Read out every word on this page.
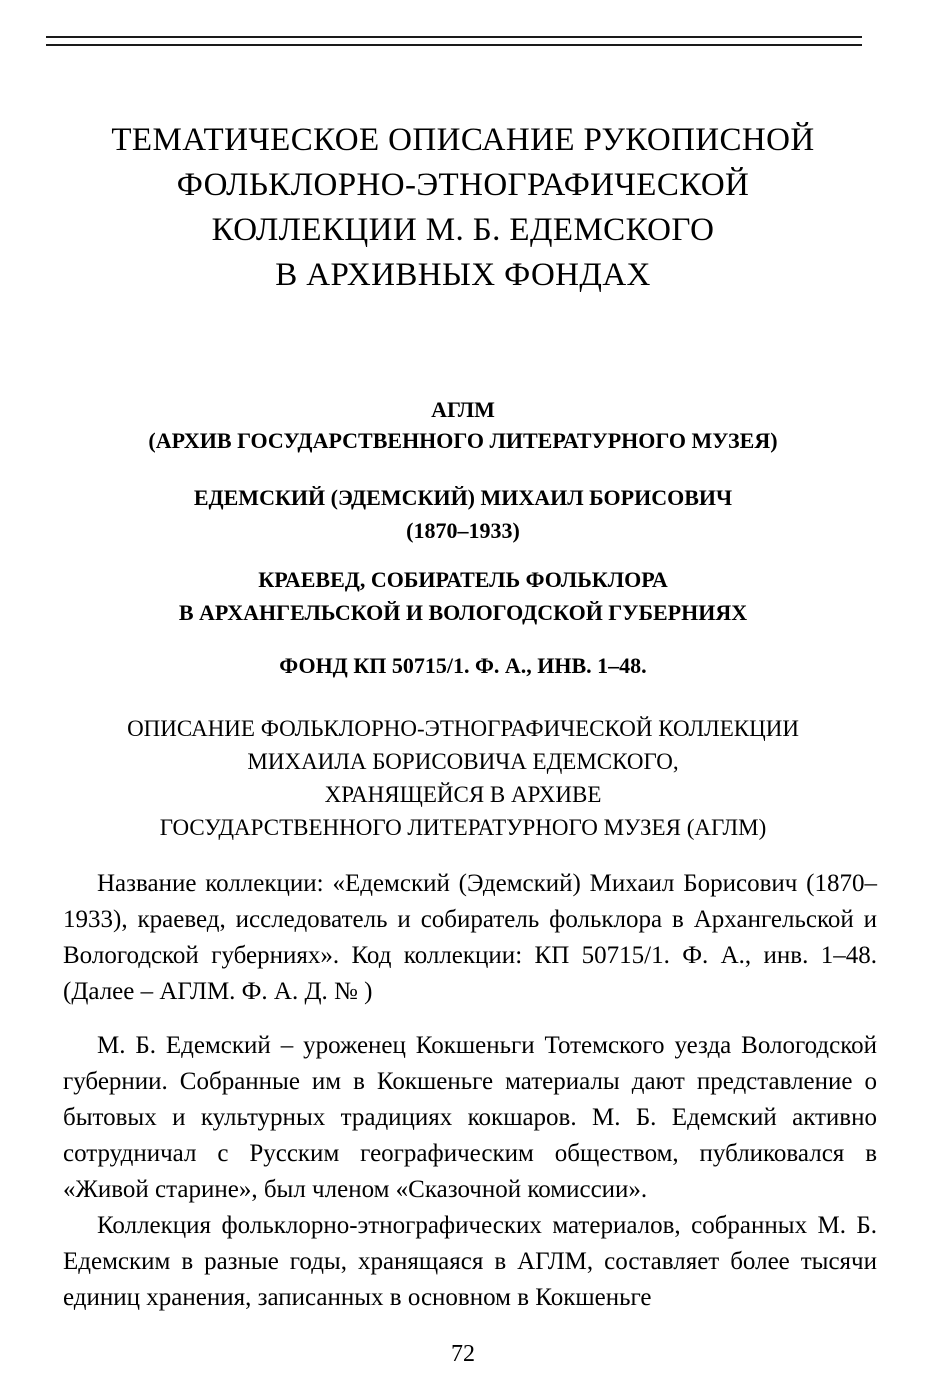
ТЕМАТИЧЕСКОЕ ОПИСАНИЕ РУКОПИСНОЙ
ФОЛЬКЛОРНО-ЭТНОГРАФИЧЕСКОЙ
КОЛЛЕКЦИИ М. Б. ЕДЕМСКОГО
В АРХИВНЫХ ФОНДАХ
АГЛМ
(АРХИВ ГОСУДАРСТВЕННОГО ЛИТЕРАТУРНОГО МУЗЕЯ)
ЕДЕМСКИЙ (ЭДЕМСКИЙ) МИХАИЛ БОРИСОВИЧ
(1870–1933)
КРАЕВЕД, СОБИРАТЕЛЬ ФОЛЬКЛОРА
В АРХАНГЕЛЬСКОЙ И ВОЛОГОДСКОЙ ГУБЕРНИЯХ
ФОНД КП 50715/1. Ф. А., ИНВ. 1–48.
ОПИСАНИЕ ФОЛЬКЛОРНО-ЭТНОГРАФИЧЕСКОЙ КОЛЛЕКЦИИ
МИХАИЛА БОРИСОВИЧА ЕДЕМСКОГО,
ХРАНЯЩЕЙСЯ В АРХИВЕ
ГОСУДАРСТВЕННОГО ЛИТЕРАТУРНОГО МУЗЕЯ (АГЛМ)

Название коллекции: «Едемский (Эдемский) Михаил Борисович (1870–1933), краевед, исследователь и собиратель фольклора в Архангельской и Вологодской губерниях». Код коллекции: КП 50715/1. Ф. А., инв. 1–48. (Далее – АГЛМ. Ф. А. Д. № )

М. Б. Едемский – уроженец Кокшеньги Тотемского уезда Вологодской губернии. Собранные им в Кокшеньге материалы дают представление о бытовых и культурных традициях кокшаров. М. Б. Едемский активно сотрудничал с Русским географическим обществом, публиковался в «Живой старине», был членом «Сказочной комиссии».

Коллекция фольклорно-этнографических материалов, собранных М. Б. Едемским в разные годы, хранящаяся в АГЛМ, составляет более тысячи единиц хранения, записанных в основном в Кокшеньге

72
